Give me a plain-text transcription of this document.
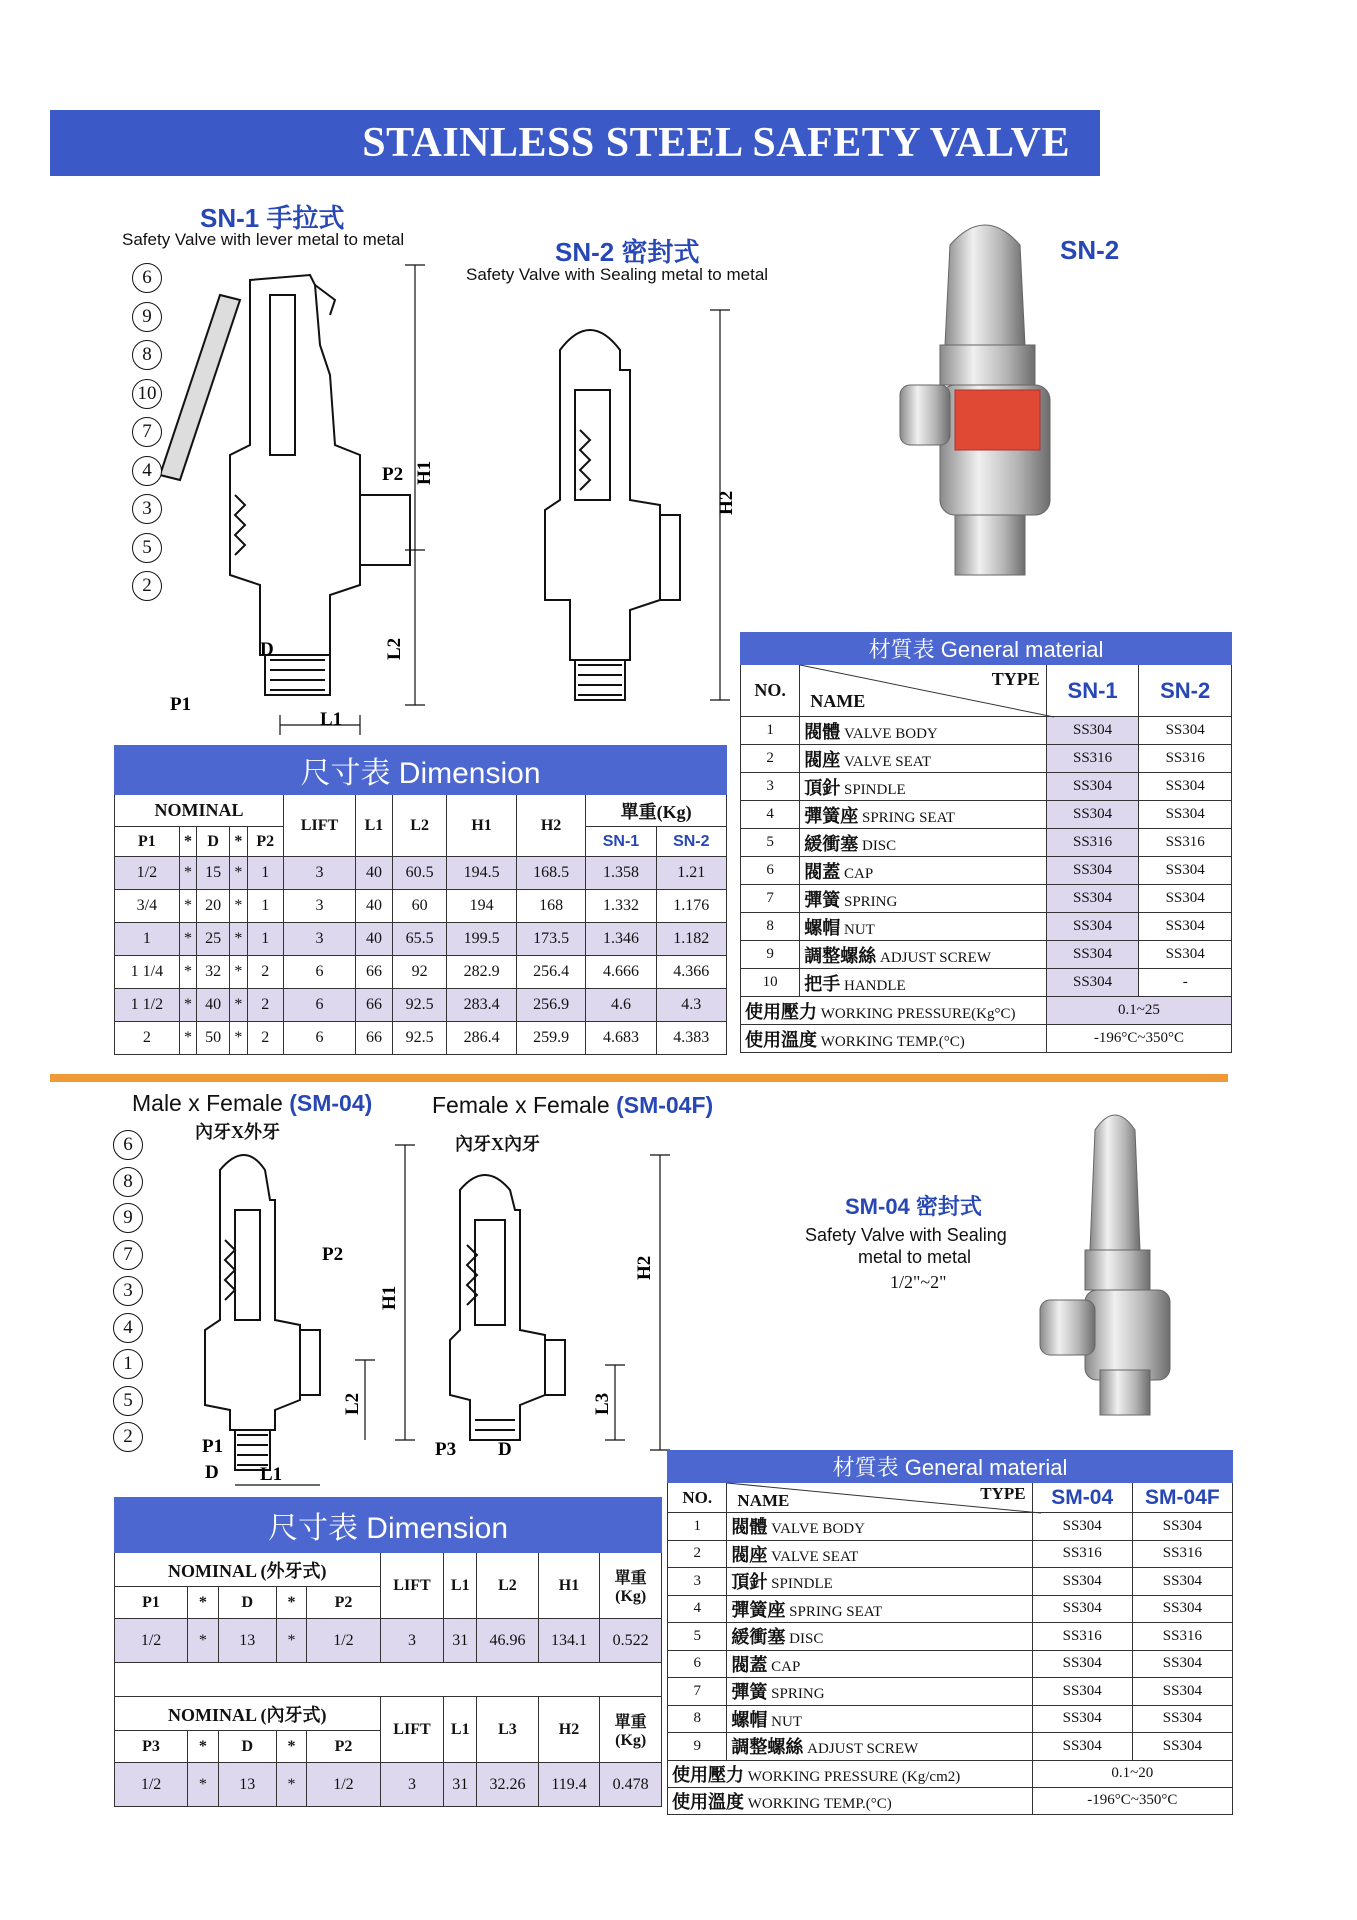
STAINLESS STEEL SAFETY VALVE
SN-1 手拉式
Safety Valve with lever metal to metal	SN-2 密封式
Safety Valve with Sealing metal to metal
H1
L2
P2
D
L1
P1
6
9
8
10
7
4
3
5
2
H2
SN-2
材質表 General material			
NO.	TYPE
NAME	SN-1	SN-2
1	閥體 VALVE BODY	SS304	SS304
2	閥座 VALVE SEAT	SS316	SS316
3	頂針 SPINDLE	SS304	SS304
4	彈簧座 SPRING SEAT	SS304	SS304
5	緩衝塞 DISC	SS316	SS316
6	閥蓋 CAP	SS304	SS304
7	彈簧 SPRING	SS304	SS304
8	螺帽 NUT	SS304	SS304
9	調整螺絲 ADJUST SCREW	SS304	SS304
10	把手 HANDLE	SS304	-
使用壓力 WORKING PRESSURE(Kg°C)		0.1~25	
使用溫度 WORKING TEMP.(°C)		-196°C~350°C	
尺寸表 Dimension											
NOMINAL					LIFT	L1	L2	H1	H2	單重(Kg)	
P1	*	D	*	P2						SN-1	SN-2
1/2	*	15	*	1	3	40	60.5	194.5	168.5	1.358	1.21
3/4	*	20	*	1	3	40	60	194	168	1.332	1.176
1	*	25	*	1	3	40	65.5	199.5	173.5	1.346	1.182
1 1/4	*	32	*	2	6	66	92	282.9	256.4	4.666	4.366
1 1/2	*	40	*	2	6	66	92.5	283.4	256.9	4.6	4.3
2	*	50	*	2	6	66	92.5	286.4	259.9	4.683	4.383
Male x Female (SM-04)	Female x Female (SM-04F)
內牙X外牙
內牙X內牙
H1
L2
P2
P1
D L1
6
8
9
7
3
4
1
5
2
H2
L3
P3 D
SM-04 密封式
Safety Valve with Sealing
metal to metal
1/2"~2"
材質表 General material			
NO.	TYPE
NAME	SM-04	SM-04F
1	閥體 VALVE BODY	SS304	SS304
2	閥座 VALVE SEAT	SS316	SS316
3	頂針 SPINDLE	SS304	SS304
4	彈簧座 SPRING SEAT	SS304	SS304
5	緩衝塞 DISC	SS316	SS316
6	閥蓋 CAP	SS304	SS304
7	彈簧 SPRING	SS304	SS304
8	螺帽 NUT	SS304	SS304
9	調整螺絲 ADJUST SCREW	SS304	SS304
使用壓力 WORKING PRESSURE (Kg/cm2)		0.1~20	
使用溫度 WORKING TEMP.(°C)		-196°C~350°C	
尺寸表 Dimension									
NOMINAL (外牙式)					LIFT	L1	L2	H1	單重
(Kg)

P1	*	D	*	P2					
1/2	*	13	*	1/2	3	31	46.96	134.1	0.522

NOMINAL (內牙式)					LIFT	L1	L3	H2	單重
(Kg)

P3	*	D	*	P2					
1/2	*	13	*	1/2	3	31	32.26	119.4	0.478
